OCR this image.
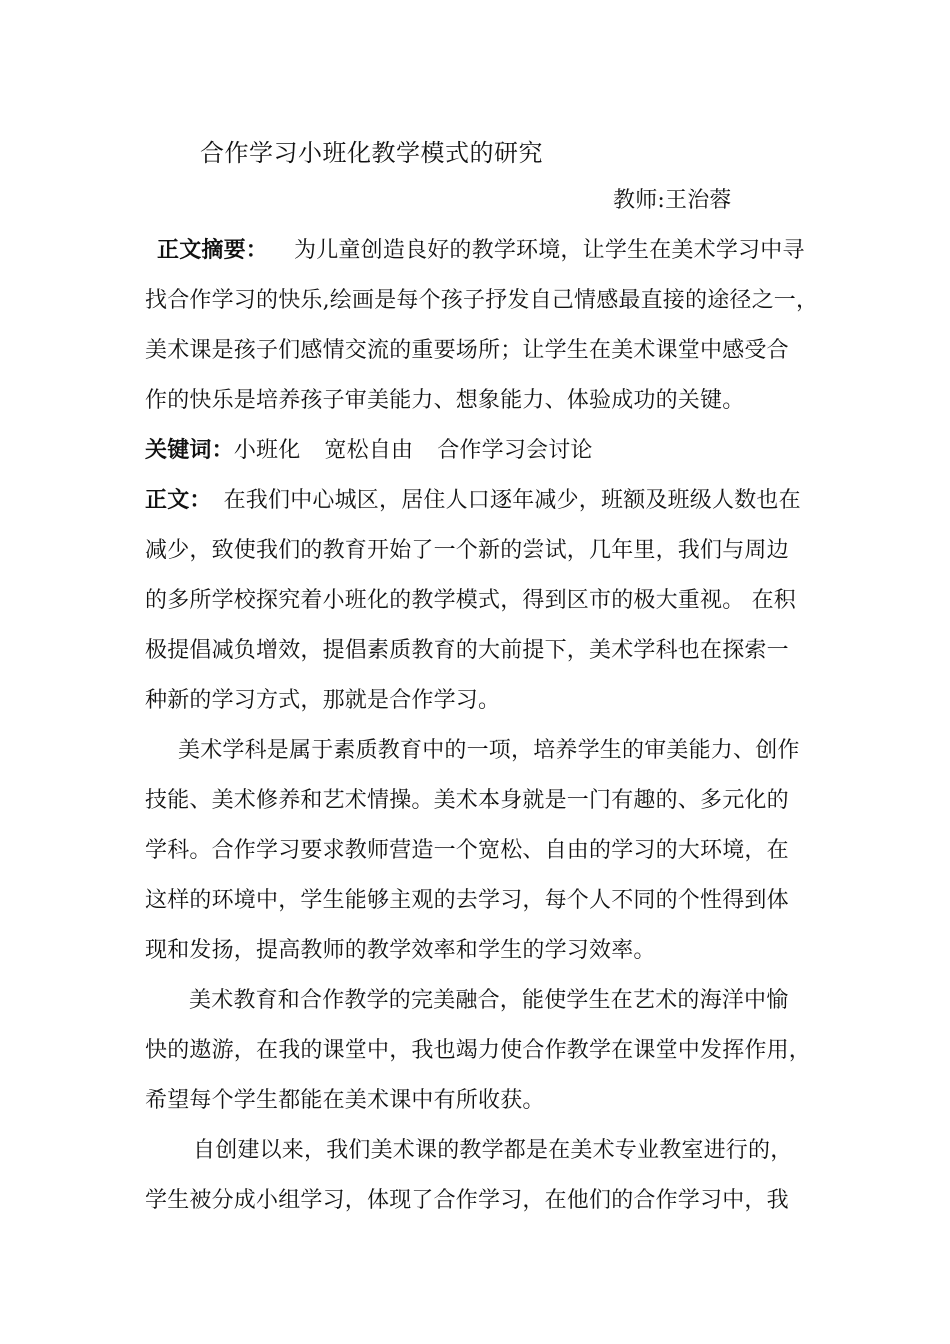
合作学习小班化教学模式的研究
教师:王治蓉
正文摘要： 为儿童创造良好的教学环境，让学生在美术学习中寻
找合作学习的快乐,绘画是每个孩子抒发自己情感最直接的途径之一，
美术课是孩子们感情交流的重要场所；让学生在美术课堂中感受合
作的快乐是培养孩子审美能力、想象能力、体验成功的关键。
关键词：小班化 宽松自由 合作学习会讨论
正文： 在我们中心城区，居住人口逐年减少，班额及班级人数也在
减少，致使我们的教育开始了一个新的尝试，几年里，我们与周边
的多所学校探究着小班化的教学模式，得到区市的极大重视。 在积
极提倡减负增效，提倡素质教育的大前提下，美术学科也在探索一
种新的学习方式，那就是合作学习。
美术学科是属于素质教育中的一项，培养学生的审美能力、创作
技能、美术修养和艺术情操。美术本身就是一门有趣的、多元化的
学科。合作学习要求教师营造一个宽松、自由的学习的大环境，在
这样的环境中，学生能够主观的去学习，每个人不同的个性得到体
现和发扬，提高教师的教学效率和学生的学习效率。
美术教育和合作教学的完美融合，能使学生在艺术的海洋中愉
快的遨游，在我的课堂中，我也竭力使合作教学在课堂中发挥作用，
希望每个学生都能在美术课中有所收获。
自创建以来，我们美术课的教学都是在美术专业教室进行的，
学生被分成小组学习，体现了合作学习，在他们的合作学习中，我
